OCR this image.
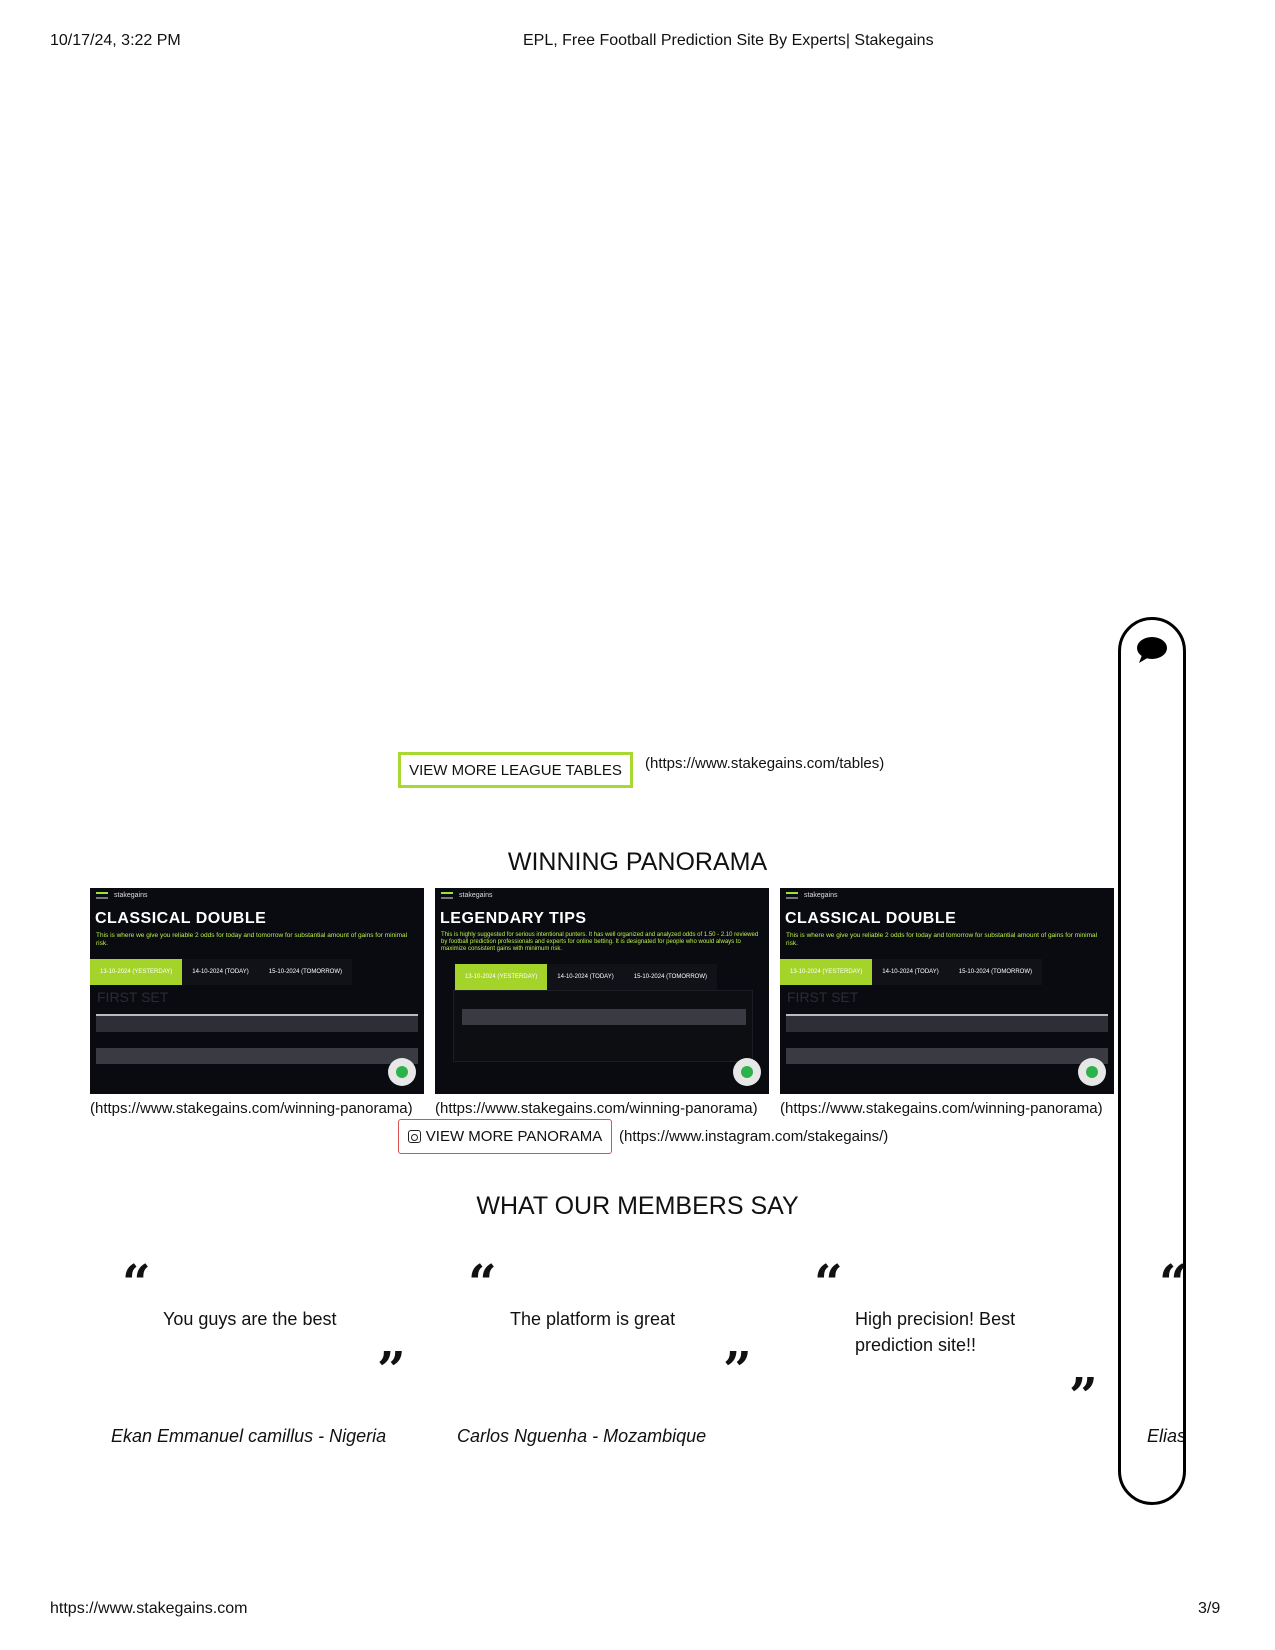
10/17/24, 3:22 PM	EPL, Free Football Prediction Site By Experts| Stakegains
VIEW MORE LEAGUE TABLES (https://www.stakegains.com/tables)
WINNING PANORAMA
stakegains
CLASSICAL DOUBLE
This is where we give you reliable 2 odds for today and tomorrow for substantial amount of gains for minimal risk.
13-10-2024 (YESTERDAY)	14-10-2024 (TODAY)	15-10-2024 (TOMORROW)
FIRST SET
(https://www.stakegains.com/winning-panorama)
stakegains
LEGENDARY TIPS
This is highly suggested for serious intentional punters. It has well organized and analyzed odds of 1.50 - 2.10 reviewed by football prediction professionals and experts for online betting. It is designated for people who would always to maximize consistent gains with minimum risk.
13-10-2024 (YESTERDAY)	14-10-2024 (TODAY)	15-10-2024 (TOMORROW)
(https://www.stakegains.com/winning-panorama)
stakegains
CLASSICAL DOUBLE
This is where we give you reliable 2 odds for today and tomorrow for substantial amount of gains for minimal risk.
13-10-2024 (YESTERDAY)	14-10-2024 (TODAY)	15-10-2024 (TOMORROW)
FIRST SET
(https://www.stakegains.com/winning-panorama)
VIEW MORE PANORAMA (https://www.instagram.com/stakegains/)
WHAT OUR MEMBERS SAY
“
You guys are the best
”
Ekan Emmanuel camillus - Nigeria
“
The platform is great
”
Carlos Nguenha - Mozambique
“
High precision! Best prediction site!!
”
“
Elias
https://www.stakegains.com	3/9
